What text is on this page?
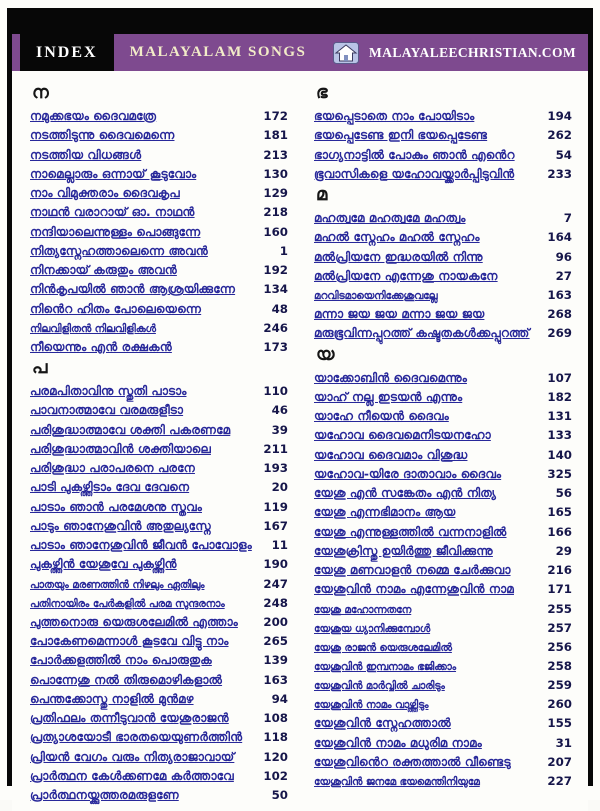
INDEX	MALAYALAM SONGS	MALAYALEECHRISTIAN.COM
ന
നമുക്കഭയം ദൈവമത്രേ	172
നടത്തിടുന്നു ദൈവമെന്നെ	181
നടത്തിയ വിധങ്ങൾ	213
നാമെല്ലാരും ഒന്നായ് കൂടുവോം	130
നാം വിമുക്തരാം ദൈവകൃപ	129
നാഥൻ വരാറായ് ഓ. നാഥൻ	218
നന്ദിയാലെന്നുള്ളം പൊങ്ങുന്നേ	160
നിത്യസ്നേഹത്താലെന്നെ അവൻ	1
നിനക്കായ് കരുതും അവൻ	192
നിൻകൃപയിൽ ഞാൻ ആശ്രയിക്കുന്നേ	134
നിൻെറ ഹിതം പോലെയെന്നെ	48
നിലവിളിതൻ നിലവിളികൾ	246
നീയെന്നും എൻ രക്ഷകൻ	173
പ
പരമപിതാവിനു സ്തുതി പാടാം	110
പാവനാത്മാവേ വരമരുളീടാ	46
പരിശുദ്ധാത്മാവേ ശക്തി പകരണമേ	39
പരിശുദ്ധാത്മാവിൻ ശക്തിയാലെ	211
പരിശുദ്ധാ പരാപരനെ പരനേ	193
പാടി പുകഴ്ത്തിടാം ദേവ ദേവനെ	20
പാടാം ഞാൻ പരമേശനു സ്തവം	119
പാടും ഞാനേശുവിൻ അതുല്യസ്നേ	167
പാടാം ഞാനേശുവിൻ ജീവൻ പോവോളം	11
പുകഴ്ത്തിൻ യേശുവേ പുകഴ്ത്തിൻ	190
പാതയും മരണത്തിൻ നിഴലും ഏതിലും	247
പതിനായിരം പേർകളിൽ പരമ സുന്ദരനാം	248
പുത്തനൊരു യെരുശലേമിൽ എത്താം	200
പോകേണമെന്നാൾ കൂടവേ വിട്ടു നാം	265
പോർക്കളത്തിൽ നാം പൊരുതുക	139
പൊന്നേശു നൽ തിരുമൊഴികളാൽ	163
പെന്തക്കോസ്തു നാളിൽ മുൻമഴ	94
പ്രതിഫലം തന്നീടുവാൻ യേശുരാജൻ	108
പ്രത്യാശയോടീ ഭാരതയെയുണർത്തിൻ	118
പ്രിയൻ വേഗം വരും നിത്യരാജാവായ്	120
പ്രാർത്ഥന കേൾക്കണമേ കർത്താവേ	102
പ്രാർത്ഥനയ്ക്കുത്തരമരുളണേ	50
ഭ
ഭയപ്പെടാതെ നാം പോയിടാം	194
ഭയപ്പെടേണ്ട ഇനി ഭയപ്പെടേണ്ട	262
ഭാഗ്യനാട്ടിൽ പോകും ഞാൻ എൻെറ	54
ഭൂവാസികളെ യഹോവയ്ക്കാർപ്പിടുവിൻ	233
മ
മഹത്വമേ മഹത്വമേ മഹത്വം	7
മഹൽ സ്നേഹം മഹൽ സ്നേഹം	164
മൽപ്രിയനേ ഇദ്ധരയിൽ നിന്നു	96
മൽപ്രിയനേ എന്നേശു നായകനേ	27
മറവിടമായെനിക്കേശുവല്ലേ	163
മന്നാ ജയ ജയ മന്നാ ജയ ജയ	268
മരുഭൂവിന്നപ്പുറത്ത് കഷ്ടതകൾക്കപ്പുറത്ത്	269
യ
യാക്കോബിൻ ദൈവമെന്നും	107
യാഹ് നല്ല ഇടയൻ എന്നും	182
യാഹേ നീയെൻ ദൈവം	131
യഹോവ ദൈവമെനിടയനഹോ	133
യഹോവ ദൈവമാം വിശുദ്ധ	140
യഹോവ-യിരേ ദാതാവാം ദൈവം	325
യേശു എൻ സങ്കേതം എൻ നിത്യ	56
യേശു എന്നഭിമാനം ആയ	165
യേശു എന്നുള്ളത്തിൽ വന്നനാളിൽ	166
യേശുക്രിസ്തു ഉയിർത്തു ജീവിക്കുന്നു	29
യേശു മണവാളൻ നമ്മെ ചേർക്കുവാ	216
യേശുവിൻ നാമം എന്നേശുവിൻ നാമ	171
യേശു മഹോന്നതനേ	255
യേശുയ ധ്യാനിക്കുമ്പോൾ	257
യേശു രാജൻ യെരുശലേമിൽ	256
യേശുവിൻ ഇമ്പനാമം ഭജിക്കാം	258
യേശുവിൻ മാർവ്വിൽ ചാരിടും	259
യേശുവിൻ നാമം വാഴ്ത്തിടും	260
യേശുവിൻ സ്നേഹത്താൽ	155
യേശുവിൻ നാമം മധുരിമ നാമം	31
യേശുവിൻെറ രക്തത്താൽ വീണ്ടെടു	207
യേശുവിൻ ജനമേ ഭയമെന്തിനിയുമേ	227
